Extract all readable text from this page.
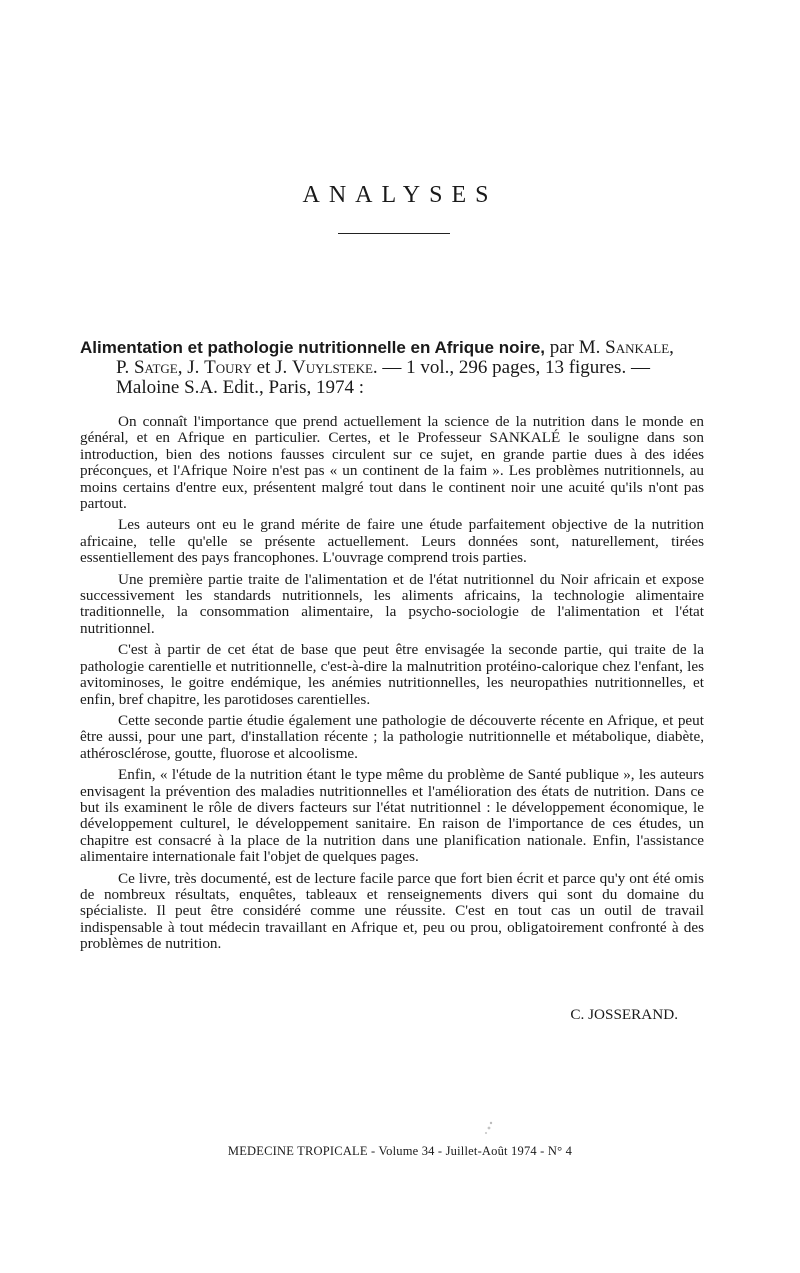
ANALYSES

Alimentation et pathologie nutritionnelle en Afrique noire, par M. Sankale,
P. Satge, J. Toury et J. Vuylsteke. — 1 vol., 296 pages, 13 figures. —
Maloine S.A. Edit., Paris, 1974 :

On connaît l'importance que prend actuellement la science de la nutrition dans le monde en général, et en Afrique en particulier. Certes, et le Professeur SANKALÉ le souligne dans son introduction, bien des notions fausses circulent sur ce sujet, en grande partie dues à des idées préconçues, et l'Afrique Noire n'est pas « un continent de la faim ». Les problèmes nutritionnels, au moins certains d'entre eux, présentent malgré tout dans le continent noir une acuité qu'ils n'ont pas partout.

Les auteurs ont eu le grand mérite de faire une étude parfaitement objective de la nutrition africaine, telle qu'elle se présente actuellement. Leurs données sont, naturellement, tirées essentiellement des pays francophones. L'ouvrage comprend trois parties.

Une première partie traite de l'alimentation et de l'état nutritionnel du Noir africain et expose successivement les standards nutritionnels, les aliments africains, la technologie alimentaire traditionnelle, la consommation alimentaire, la psycho-sociologie de l'alimentation et l'état nutritionnel.

C'est à partir de cet état de base que peut être envisagée la seconde partie, qui traite de la pathologie carentielle et nutritionnelle, c'est-à-dire la malnutrition protéino-calorique chez l'enfant, les avitominoses, le goitre endémique, les anémies nutritionnelles, les neuropathies nutritionnelles, et enfin, bref chapitre, les parotidoses carentielles.

Cette seconde partie étudie également une pathologie de découverte récente en Afrique, et peut être aussi, pour une part, d'installation récente ; la pathologie nutritionnelle et métabolique, diabète, athérosclérose, goutte, fluorose et alcoolisme.

Enfin, « l'étude de la nutrition étant le type même du problème de Santé publique », les auteurs envisagent la prévention des maladies nutritionnelles et l'amélioration des états de nutrition. Dans ce but ils examinent le rôle de divers facteurs sur l'état nutritionnel : le développement économique, le développement culturel, le développement sanitaire. En raison de l'importance de ces études, un chapitre est consacré à la place de la nutrition dans une planification nationale. Enfin, l'assistance alimentaire internationale fait l'objet de quelques pages.

Ce livre, très documenté, est de lecture facile parce que fort bien écrit et parce qu'y ont été omis de nombreux résultats, enquêtes, tableaux et renseignements divers qui sont du domaine du spécialiste. Il peut être considéré comme une réussite. C'est en tout cas un outil de travail indispensable à tout médecin travaillant en Afrique et, peu ou prou, obligatoirement confronté à des problèmes de nutrition.

C. JOSSERAND.

MEDECINE TROPICALE - Volume 34 - Juillet-Août 1974 - N° 4
